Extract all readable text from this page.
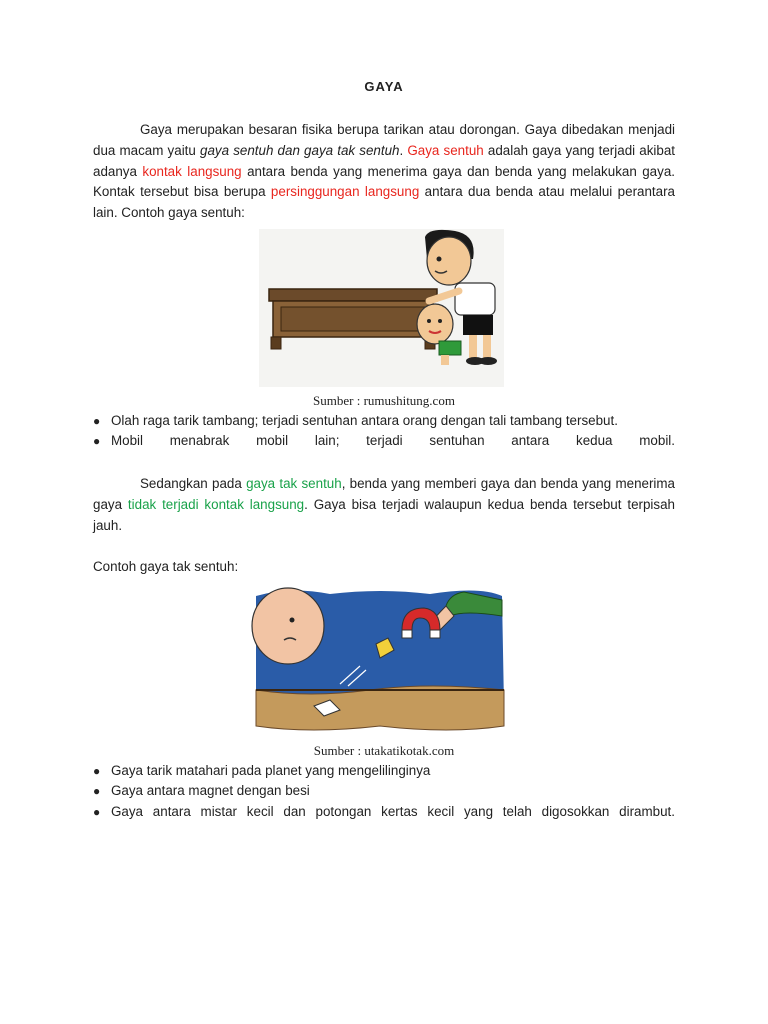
GAYA

Gaya merupakan besaran fisika berupa tarikan atau dorongan. Gaya dibedakan menjadi dua macam yaitu gaya sentuh dan gaya tak sentuh. Gaya sentuh adalah gaya yang terjadi akibat adanya kontak langsung antara benda yang menerima gaya dan benda yang melakukan gaya. Kontak tersebut bisa berupa persinggungan langsung antara dua benda atau melalui perantara lain. Contoh gaya sentuh:

Sumber : rumushitung.com
● Olah raga tarik tambang; terjadi sentuhan antara orang dengan tali tambang tersebut.
● Mobil menabrak mobil lain; terjadi sentuhan antara kedua mobil.

Sedangkan pada gaya tak sentuh, benda yang memberi gaya dan benda yang menerima gaya tidak terjadi kontak langsung. Gaya bisa terjadi walaupun kedua benda tersebut terpisah jauh.

Contoh gaya tak sentuh:

Sumber : utakatikotak.com
● Gaya tarik matahari pada planet yang mengelilinginya
● Gaya antara magnet dengan besi
● Gaya antara mistar kecil dan potongan kertas kecil yang telah digosokkan dirambut.
